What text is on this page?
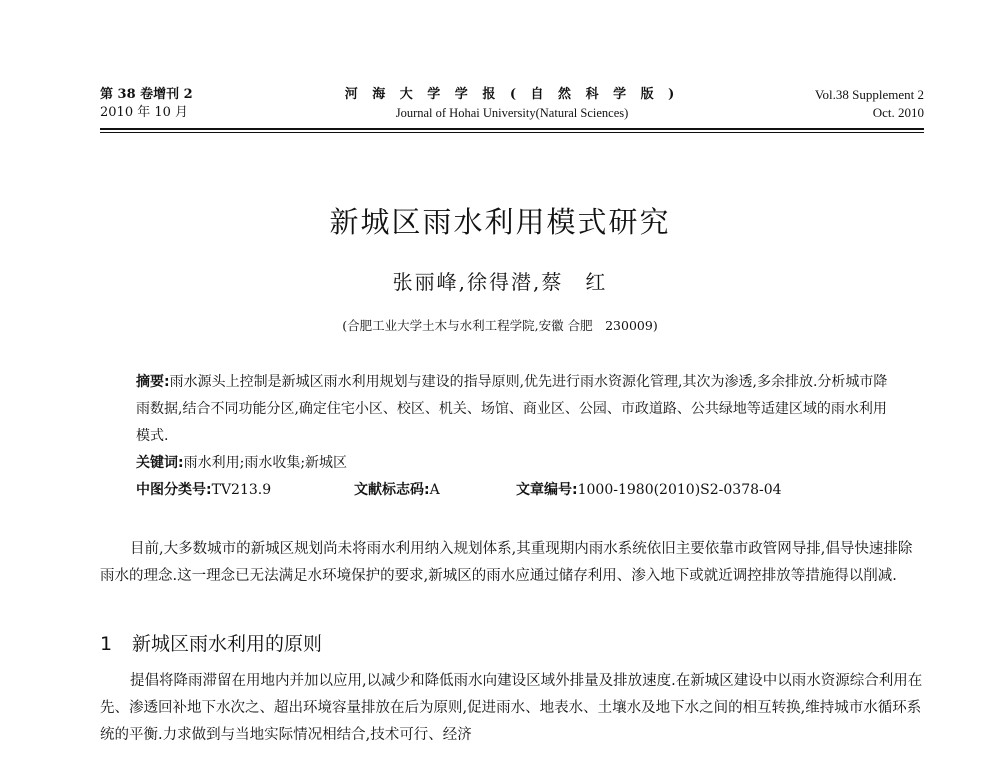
第 38 卷增刊 2
2010 年 10 月
河 海 大 学 学 报 ( 自 然 科 学 版 )
Journal of Hohai University(Natural Sciences)
Vol.38 Supplement 2
Oct. 2010
新城区雨水利用模式研究
张丽峰,徐得潜,蔡　红
(合肥工业大学土木与水利工程学院,安徽 合肥　230009)
摘要:雨水源头上控制是新城区雨水利用规划与建设的指导原则,优先进行雨水资源化管理,其次为渗透,多余排放.分析城市降雨数据,结合不同功能分区,确定住宅小区、校区、机关、场馆、商业区、公园、市政道路、公共绿地等适建区域的雨水利用模式.
关键词:雨水利用;雨水收集;新城区
中图分类号:TV213.9	文献标志码:A	文章编号:1000-1980(2010)S2-0378-04
目前,大多数城市的新城区规划尚未将雨水利用纳入规划体系,其重现期内雨水系统依旧主要依靠市政管网导排,倡导快速排除雨水的理念.这一理念已无法满足水环境保护的要求,新城区的雨水应通过储存利用、渗入地下或就近调控排放等措施得以削减.
1 新城区雨水利用的原则
提倡将降雨滞留在用地内并加以应用,以减少和降低雨水向建设区域外排量及排放速度.在新城区建设中以雨水资源综合利用在先、渗透回补地下水次之、超出环境容量排放在后为原则,促进雨水、地表水、土壤水及地下水之间的相互转换,维持城市水循环系统的平衡.力求做到与当地实际情况相结合,技术可行、经济
